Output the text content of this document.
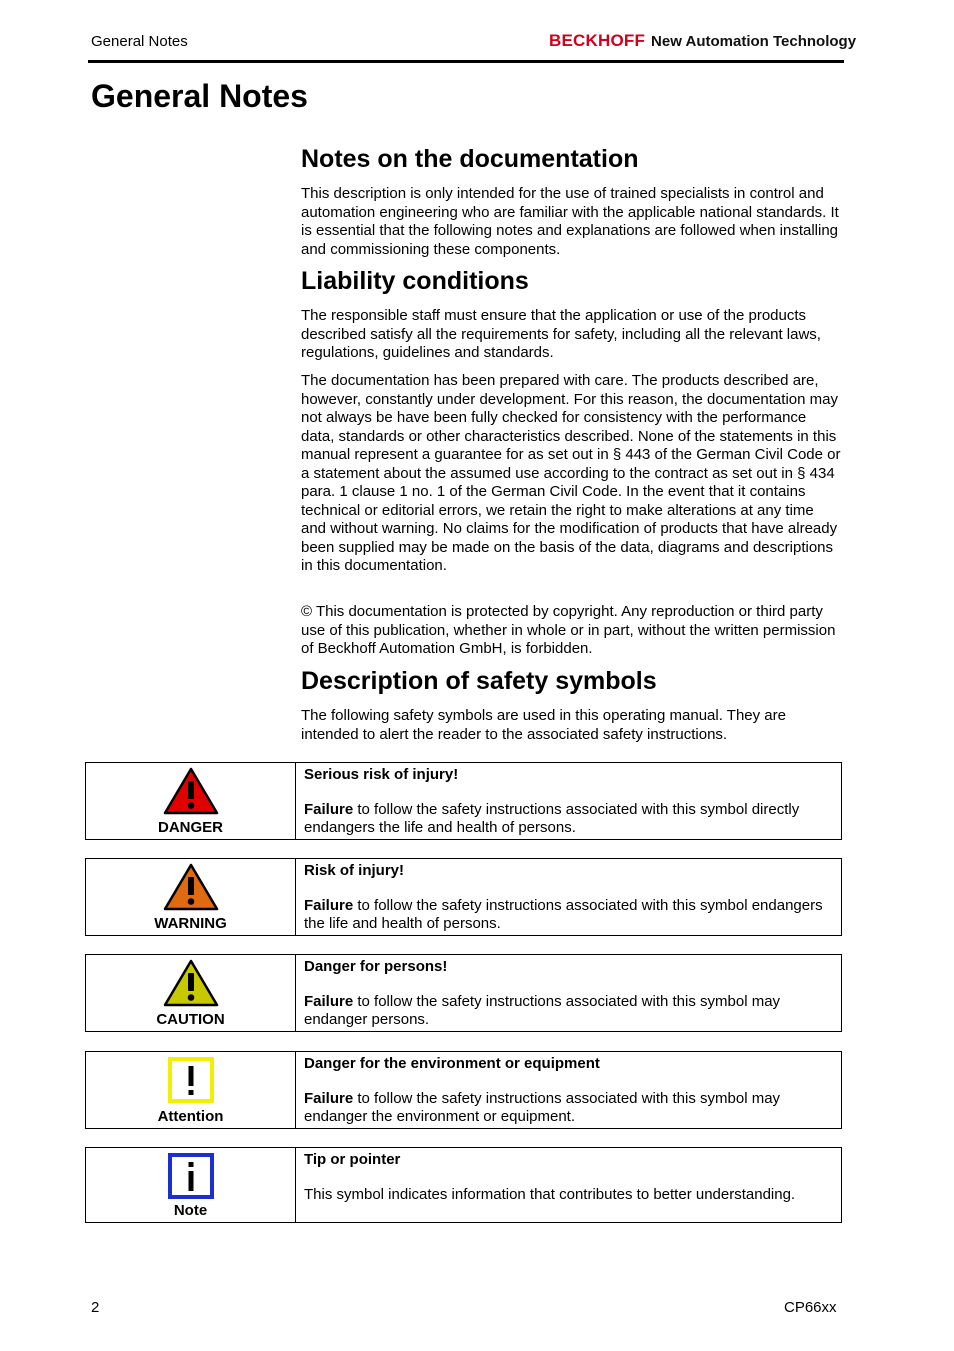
General Notes	BECKHOFF New Automation Technology
General Notes
Notes on the documentation

This description is only intended for the use of trained specialists in control and automation engineering who are familiar with the applicable national standards. It is essential that the following notes and explanations are followed when installing and commissioning these components.

Liability conditions

The responsible staff must ensure that the application or use of the products described satisfy all the requirements for safety, including all the relevant laws, regulations, guidelines and standards.

The documentation has been prepared with care. The products described are, however, constantly under development. For this reason, the documentation may not always be have been fully checked for consistency with the performance data, standards or other characteristics described. None of the statements in this manual represent a guarantee for as set out in § 443 of the German Civil Code or a statement about the assumed use according to the contract as set out in § 434 para. 1 clause 1 no. 1 of the German Civil Code. In the event that it contains technical or editorial errors, we retain the right to make alterations at any time and without warning. No claims for the modification of products that have already been supplied may be made on the basis of the data, diagrams and descriptions in this documentation.

© This documentation is protected by copyright. Any reproduction or third party use of this publication, whether in whole or in part, without the written permission of Beckhoff Automation GmbH, is forbidden.

Description of safety symbols

The following safety symbols are used in this operating manual. They are intended to alert the reader to the associated safety instructions.

DANGER
Serious risk of injury!
Failure to follow the safety instructions associated with this symbol directly endangers the life and health of persons.
WARNING
Risk of injury!
Failure to follow the safety instructions associated with this symbol endangers the life and health of persons.
CAUTION
Danger for persons!
Failure to follow the safety instructions associated with this symbol may endanger persons.
Attention
Danger for the environment or equipment
Failure to follow the safety instructions associated with this symbol may endanger the environment or equipment.
Note
Tip or pointer
This symbol indicates information that contributes to better understanding.
2	CP66xx
